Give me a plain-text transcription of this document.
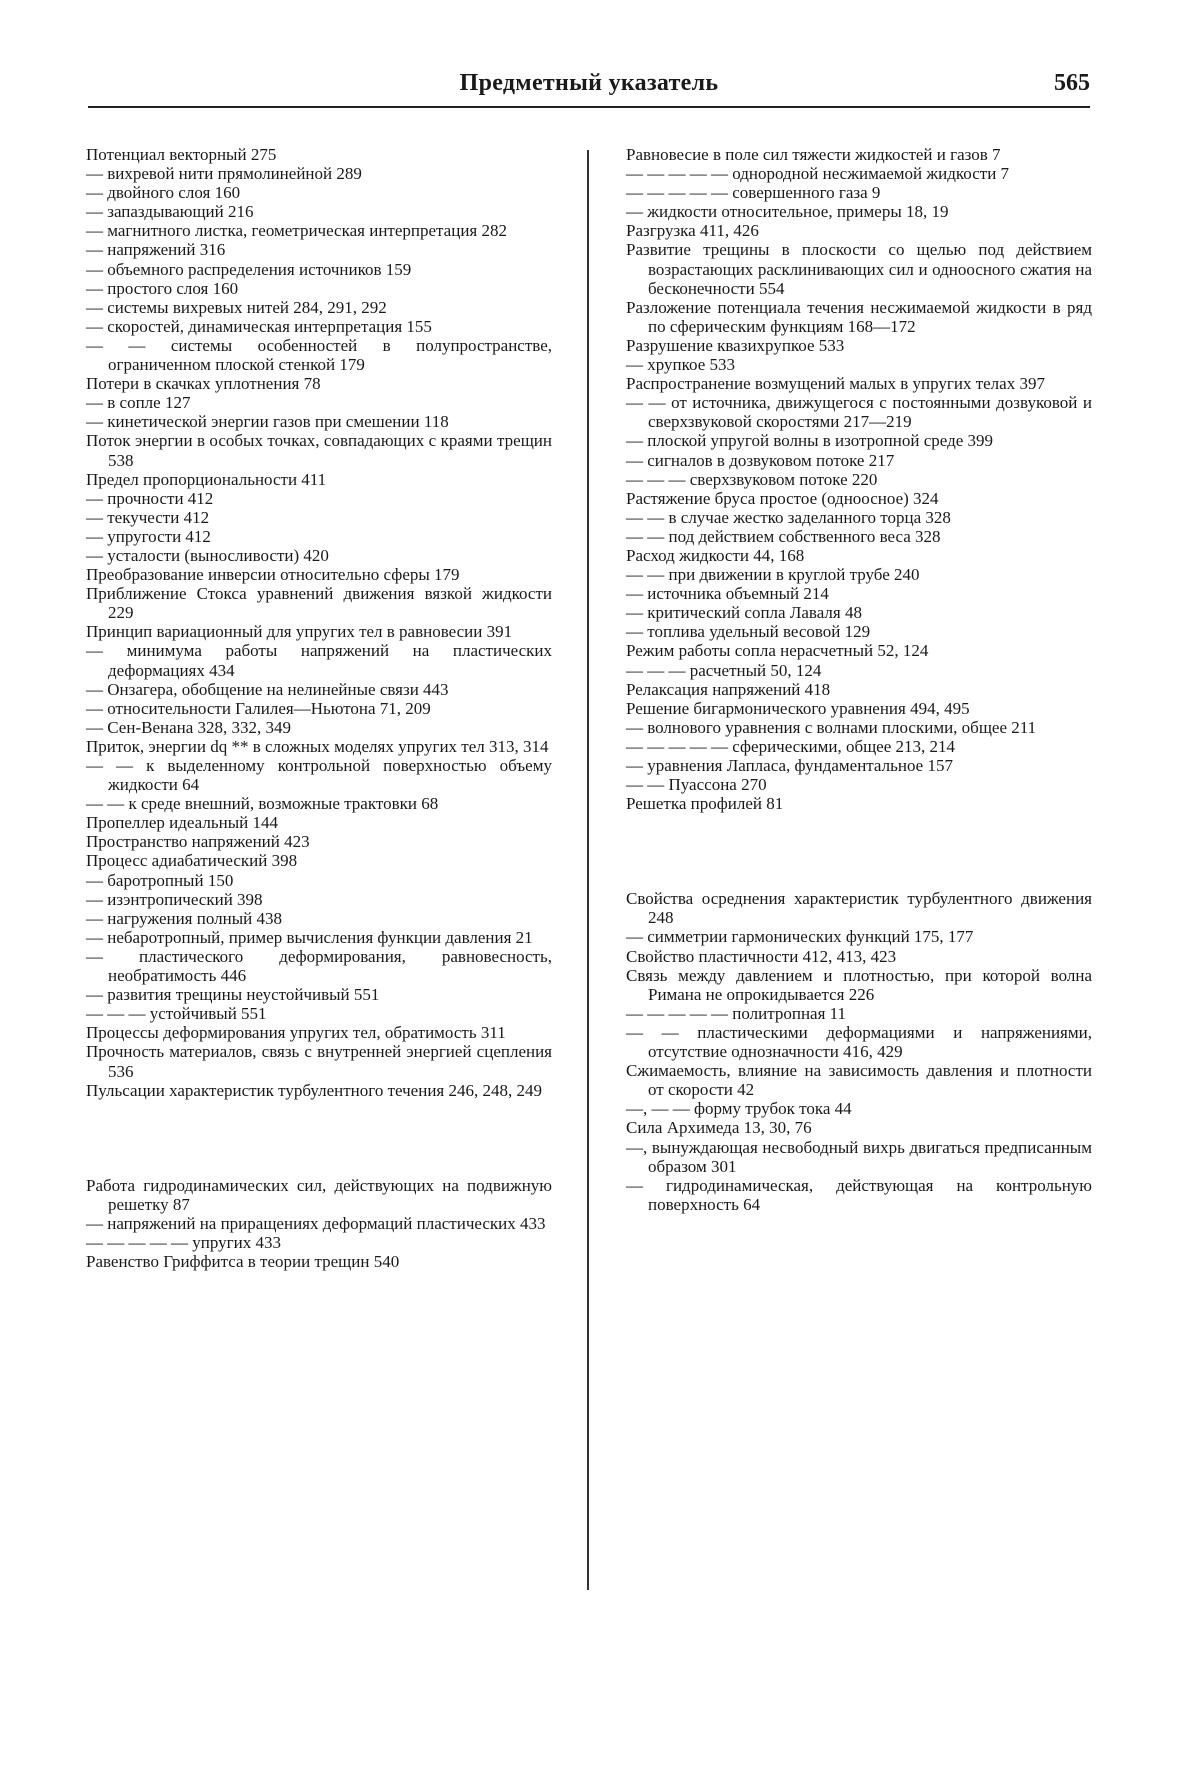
Предметный указатель	565

Потенциал векторный 275

— вихревой нити прямолинейной 289

— двойного слоя 160

— запаздывающий 216

— магнитного листка, геометрическая интерпретация 282

— напряжений 316

— объемного распределения источников 159

— простого слоя 160

— системы вихревых нитей 284, 291, 292

— скоростей, динамическая интерпретация 155

— — системы особенностей в полупространстве, ограниченном плоской стенкой 179

Потери в скачках уплотнения 78

— в сопле 127

— кинетической энергии газов при смешении 118

Поток энергии в особых точках, совпадающих с краями трещин 538

Предел пропорциональности 411

— прочности 412

— текучести 412

— упругости 412

— усталости (выносливости) 420

Преобразование инверсии относительно сферы 179

Приближение Стокса уравнений движения вязкой жидкости 229

Принцип вариационный для упругих тел в равновесии 391

— минимума работы напряжений на пластических деформациях 434

— Онзагера, обобщение на нелинейные связи 443

— относительности Галилея—Ньютона 71, 209

— Сен-Венана 328, 332, 349

Приток, энергии dq ** в сложных моделях упругих тел 313, 314

— — к выделенному контрольной поверхностью объему жидкости 64

— — к среде внешний, возможные трактовки 68

Пропеллер идеальный 144

Пространство напряжений 423

Процесс адиабатический 398

— баротропный 150

— изэнтропический 398

— нагружения полный 438

— небаротропный, пример вычисления функции давления 21

— пластического деформирования, равновесность, необратимость 446

— развития трещины неустойчивый 551

— — — устойчивый 551

Процессы деформирования упругих тел, обратимость 311

Прочность материалов, связь с внутренней энергией сцепления 536

Пульсации характеристик турбулентного течения 246, 248, 249

Работа гидродинамических сил, действующих на подвижную решетку 87

— напряжений на приращениях деформаций пластических 433

— — — — — упругих 433

Равенство Гриффитса в теории трещин 540

Равновесие в поле сил тяжести жидкостей и газов 7

— — — — — однородной несжимаемой жидкости 7

— — — — — совершенного газа 9

— жидкости относительное, примеры 18, 19

Разгрузка 411, 426

Развитие трещины в плоскости со щелью под действием возрастающих расклинивающих сил и одноосного сжатия на бесконечности 554

Разложение потенциала течения несжимаемой жидкости в ряд по сферическим функциям 168—172

Разрушение квазихрупкое 533

— хрупкое 533

Распространение возмущений малых в упругих телах 397

— — от источника, движущегося с постоянными дозвуковой и сверхзвуковой скоростями 217—219

— плоской упругой волны в изотропной среде 399

— сигналов в дозвуковом потоке 217

— — — сверхзвуковом потоке 220

Растяжение бруса простое (одноосное) 324

— — в случае жестко заделанного торца 328

— — под действием собственного веса 328

Расход жидкости 44, 168

— — при движении в круглой трубе 240

— источника объемный 214

— критический сопла Лаваля 48

— топлива удельный весовой 129

Режим работы сопла нерасчетный 52, 124

— — — расчетный 50, 124

Релаксация напряжений 418

Решение бигармонического уравнения 494, 495

— волнового уравнения с волнами плоскими, общее 211

— — — — — сферическими, общее 213, 214

— уравнения Лапласа, фундаментальное 157

— — Пуассона 270

Решетка профилей 81

Свойства осреднения характеристик турбулентного движения 248

— симметрии гармонических функций 175, 177

Свойство пластичности 412, 413, 423

Связь между давлением и плотностью, при которой волна Римана не опрокидывается 226

— — — — — политропная 11

— — пластическими деформациями и напряжениями, отсутствие однозначности 416, 429

Сжимаемость, влияние на зависимость давления и плотности от скорости 42

—, — — форму трубок тока 44

Сила Архимеда 13, 30, 76

—, вынуждающая несвободный вихрь двигаться предписанным образом 301

— гидродинамическая, действующая на контрольную поверхность 64
